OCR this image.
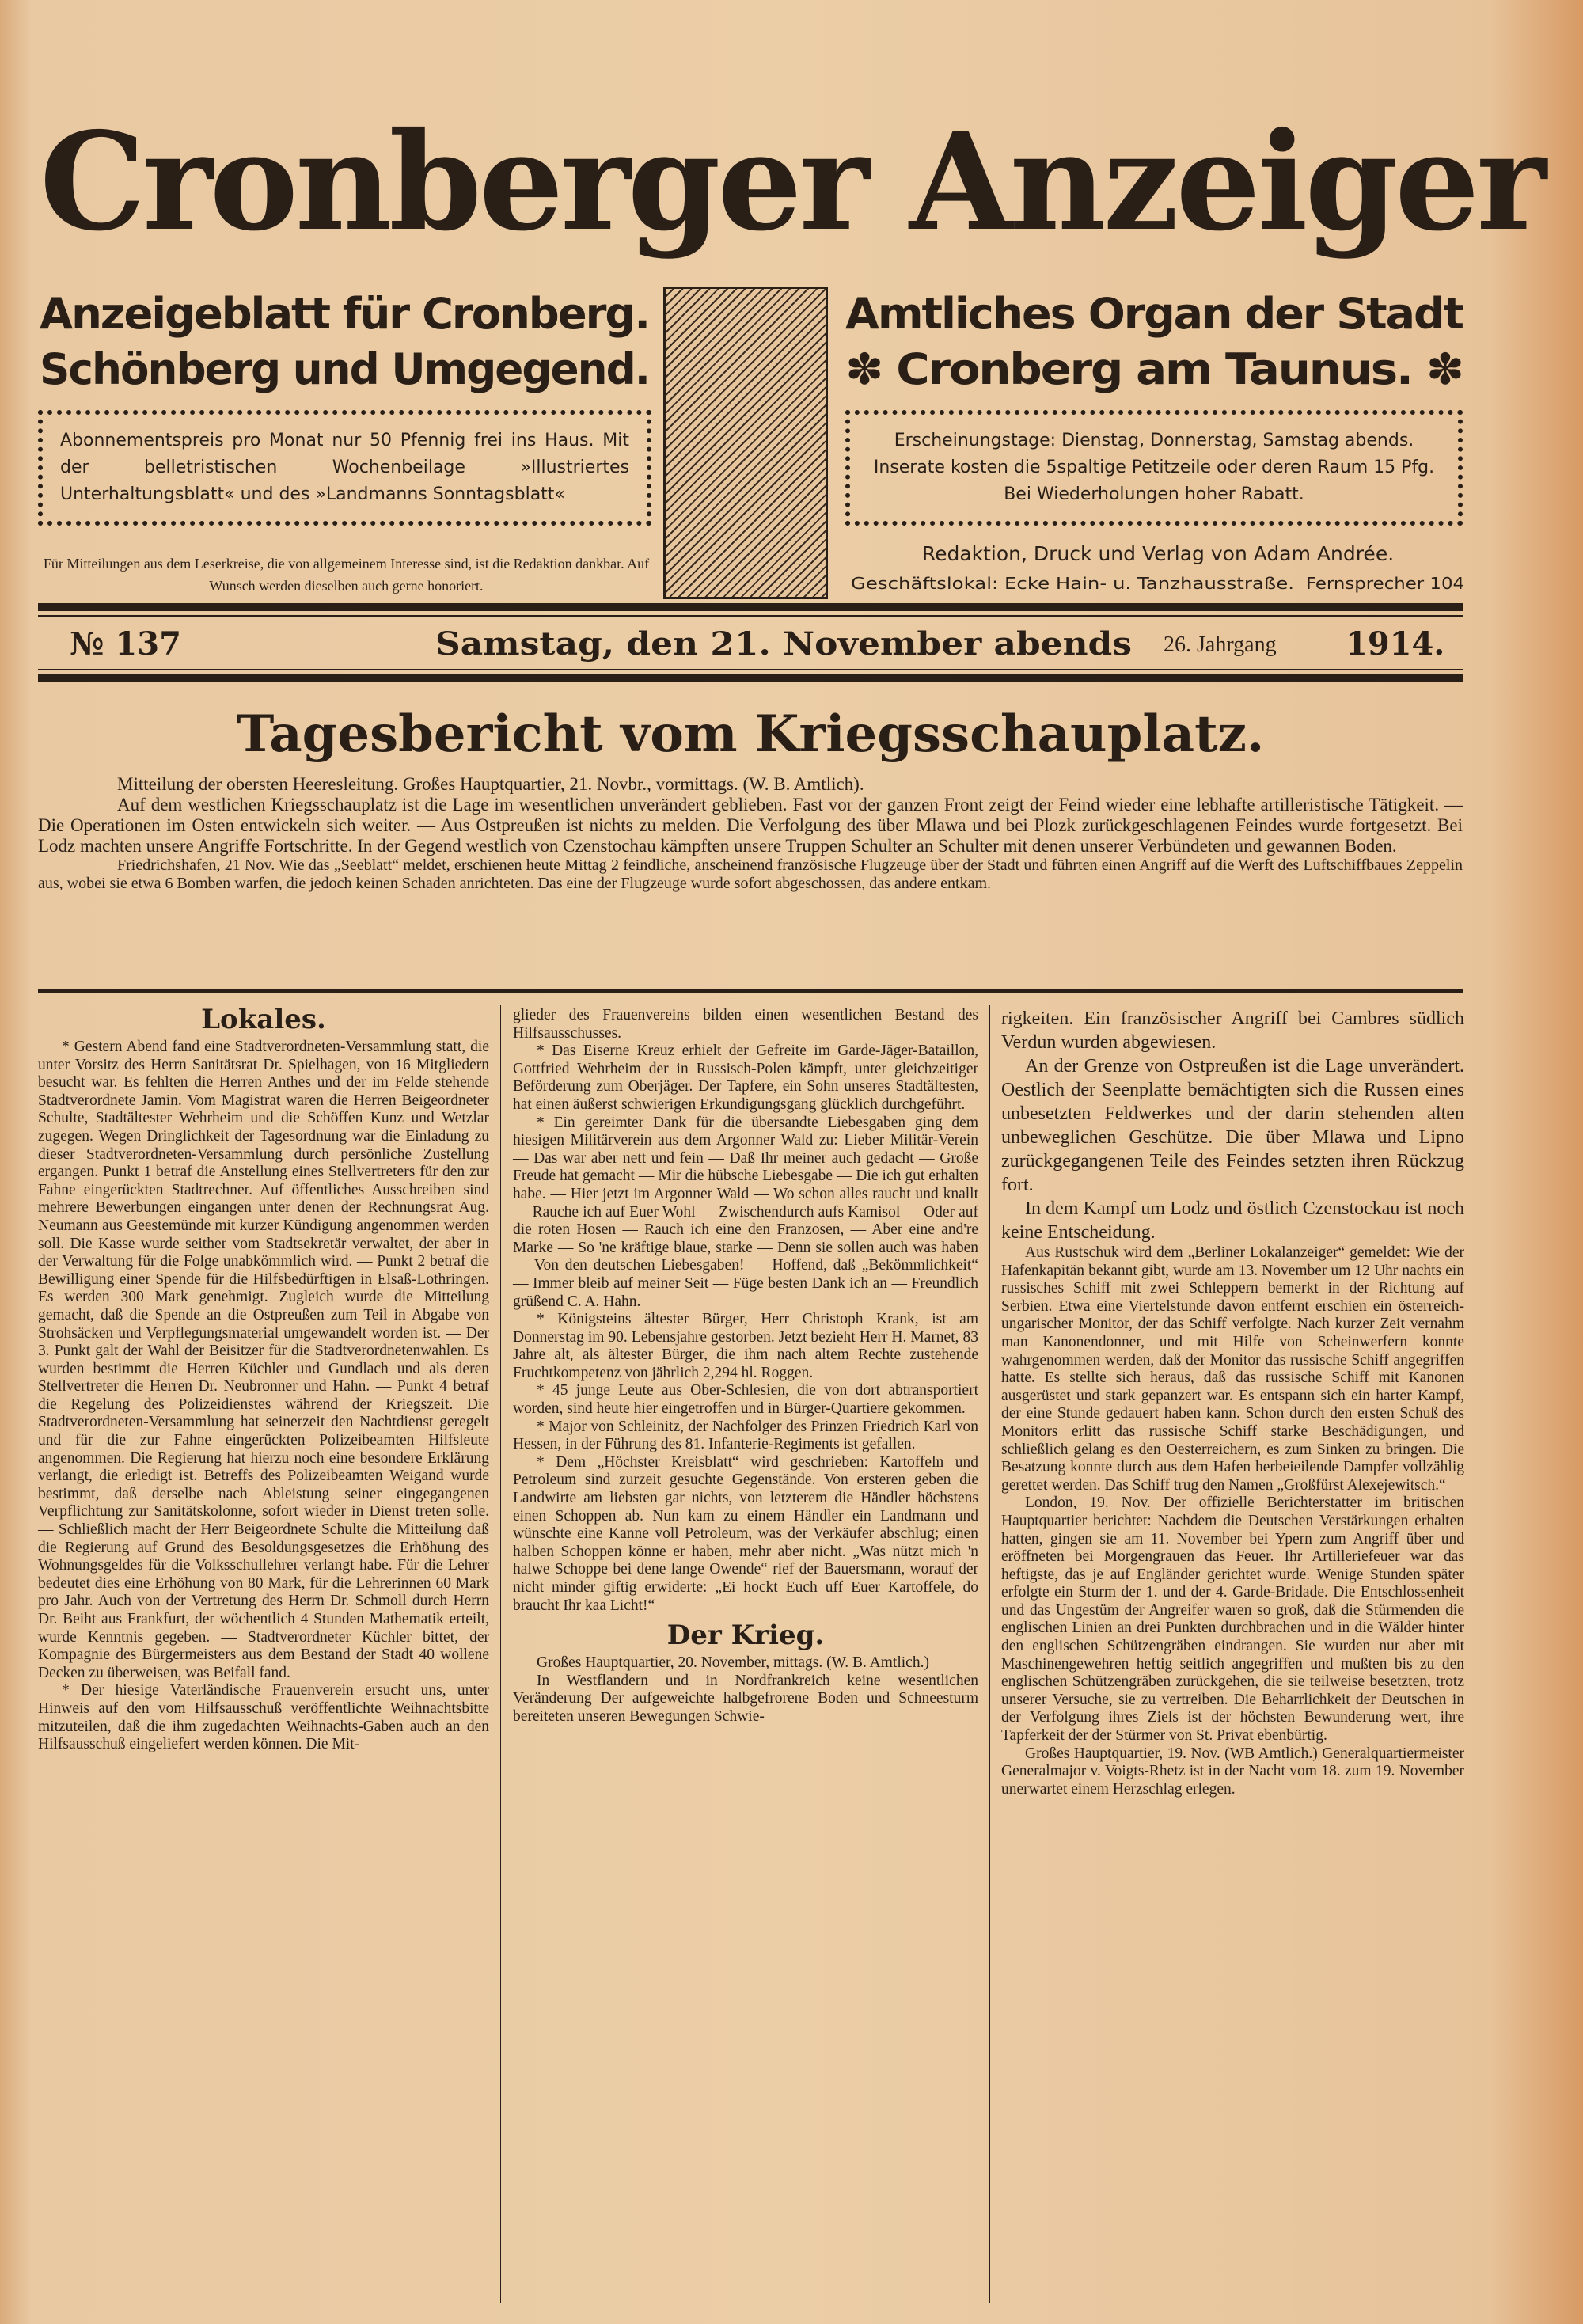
Cronberger Anzeiger
Anzeigeblatt für Cronberg.
Schönberg und Umgegend.
Amtliches Organ der Stadt
✽ Cronberg am Taunus. ✽
Abonnementspreis pro Monat nur 50 Pfennig frei ins Haus. Mit der belletristischen Wochenbeilage »Illustriertes Unterhaltungsblatt« und des »Landmanns Sonntagsblatt«
Erscheinungstage: Dienstag, Donnerstag, Samstag abends. Inserate kosten die 5spaltige Petitzeile oder deren Raum 15 Pfg. Bei Wiederholungen hoher Rabatt.
Für Mitteilungen aus dem Leserkreise, die von allgemeinem Interesse sind, ist die Redaktion dankbar. Auf Wunsch werden dieselben auch gerne honoriert.
Redaktion, Druck und Verlag von Adam Andrée.
Geschäftslokal: Ecke Hain- u. Tanzhausstraße. Fernsprecher 104
№ 137	Samstag, den 21. November abends 26. Jahrgang 1914.
Tagesbericht vom Kriegsschauplatz.

Mitteilung der obersten Heeresleitung. Großes Hauptquartier, 21. Novbr., vormittags. (W. B. Amtlich).

Auf dem westlichen Kriegsschauplatz ist die Lage im wesentlichen unverändert geblieben. Fast vor der ganzen Front zeigt der Feind wieder eine lebhafte artilleristische Tätigkeit. — Die Operationen im Osten entwickeln sich weiter. — Aus Ostpreußen ist nichts zu melden. Die Verfolgung des über Mlawa und bei Plozk zurückgeschlagenen Feindes wurde fortgesetzt. Bei Lodz machten unsere Angriffe Fortschritte. In der Gegend westlich von Czenstochau kämpften unsere Truppen Schulter an Schulter mit denen unserer Verbündeten und gewannen Boden.

Friedrichshafen, 21 Nov. Wie das „Seeblatt“ meldet, erschienen heute Mittag 2 feindliche, anscheinend französische Flugzeuge über der Stadt und führten einen Angriff auf die Werft des Luftschiffbaues Zeppelin aus, wobei sie etwa 6 Bomben warfen, die jedoch keinen Schaden anrichteten. Das eine der Flugzeuge wurde sofort abgeschossen, das andere entkam.

Lokales.

* Gestern Abend fand eine Stadtverordneten-Versammlung statt, die unter Vorsitz des Herrn Sanitätsrat Dr. Spielhagen, von 16 Mitgliedern besucht war. Es fehlten die Herren Anthes und der im Felde stehende Stadtverordnete Jamin. Vom Magistrat waren die Herren Beigeordneter Schulte, Stadtältester Wehrheim und die Schöffen Kunz und Wetzlar zugegen. Wegen Dringlichkeit der Tagesordnung war die Einladung zu dieser Stadtverordneten-Versammlung durch persönliche Zustellung ergangen. Punkt 1 betraf die Anstellung eines Stellvertreters für den zur Fahne eingerückten Stadtrechner. Auf öffentliches Ausschreiben sind mehrere Bewerbungen eingangen unter denen der Rechnungsrat Aug. Neumann aus Geestemünde mit kurzer Kündigung angenommen werden soll. Die Kasse wurde seither vom Stadtsekretär verwaltet, der aber in der Verwaltung für die Folge unabkömmlich wird. — Punkt 2 betraf die Bewilligung einer Spende für die Hilfsbedürftigen in Elsaß-Lothringen. Es werden 300 Mark genehmigt. Zugleich wurde die Mitteilung gemacht, daß die Spende an die Ostpreußen zum Teil in Abgabe von Strohsäcken und Verpflegungsmaterial umgewandelt worden ist. — Der 3. Punkt galt der Wahl der Beisitzer für die Stadtverordnetenwahlen. Es wurden bestimmt die Herren Küchler und Gundlach und als deren Stellvertreter die Herren Dr. Neubronner und Hahn. — Punkt 4 betraf die Regelung des Polizeidienstes während der Kriegszeit. Die Stadtverordneten-Versammlung hat seinerzeit den Nachtdienst geregelt und für die zur Fahne eingerückten Polizeibeamten Hilfsleute angenommen. Die Regierung hat hierzu noch eine besondere Erklärung verlangt, die erledigt ist. Betreffs des Polizeibeamten Weigand wurde bestimmt, daß derselbe nach Ableistung seiner eingegangenen Verpflichtung zur Sanitätskolonne, sofort wieder in Dienst treten solle. — Schließlich macht der Herr Beigeordnete Schulte die Mitteilung daß die Regierung auf Grund des Besoldungsgesetzes die Erhöhung des Wohnungsgeldes für die Volksschullehrer verlangt habe. Für die Lehrer bedeutet dies eine Erhöhung von 80 Mark, für die Lehrerinnen 60 Mark pro Jahr. Auch von der Vertretung des Herrn Dr. Schmoll durch Herrn Dr. Beiht aus Frankfurt, der wöchentlich 4 Stunden Mathematik erteilt, wurde Kenntnis gegeben. — Stadtverordneter Küchler bittet, der Kompagnie des Bürgermeisters aus dem Bestand der Stadt 40 wollene Decken zu überweisen, was Beifall fand.

* Der hiesige Vaterländische Frauenverein ersucht uns, unter Hinweis auf den vom Hilfsausschuß veröffentlichte Weihnachtsbitte mitzuteilen, daß die ihm zugedachten Weihnachts-Gaben auch an den Hilfsausschuß eingeliefert werden können. Die Mit-

glieder des Frauenvereins bilden einen wesentlichen Bestand des Hilfsausschusses.

* Das Eiserne Kreuz erhielt der Gefreite im Garde-Jäger-Bataillon, Gottfried Wehrheim der in Russisch-Polen kämpft, unter gleichzeitiger Beförderung zum Oberjäger. Der Tapfere, ein Sohn unseres Stadtältesten, hat einen äußerst schwierigen Erkundigungsgang glücklich durchgeführt.

* Ein gereimter Dank für die übersandte Liebesgaben ging dem hiesigen Militärverein aus dem Argonner Wald zu: Lieber Militär-Verein — Das war aber nett und fein — Daß Ihr meiner auch gedacht — Große Freude hat gemacht — Mir die hübsche Liebesgabe — Die ich gut erhalten habe. — Hier jetzt im Argonner Wald — Wo schon alles raucht und knallt — Rauche ich auf Euer Wohl — Zwischendurch aufs Kamisol — Oder auf die roten Hosen — Rauch ich eine den Franzosen, — Aber eine and're Marke — So 'ne kräftige blaue, starke — Denn sie sollen auch was haben — Von den deutschen Liebesgaben! — Hoffend, daß „Bekömmlichkeit“ — Immer bleib auf meiner Seit — Füge besten Dank ich an — Freundlich grüßend C. A. Hahn.

* Königsteins ältester Bürger, Herr Christoph Krank, ist am Donnerstag im 90. Lebensjahre gestorben. Jetzt bezieht Herr H. Marnet, 83 Jahre alt, als ältester Bürger, die ihm nach altem Rechte zustehende Fruchtkompetenz von jährlich 2,294 hl. Roggen.

* 45 junge Leute aus Ober-Schlesien, die von dort abtransportiert worden, sind heute hier eingetroffen und in Bürger-Quartiere gekommen.

* Major von Schleinitz, der Nachfolger des Prinzen Friedrich Karl von Hessen, in der Führung des 81. Infanterie-Regiments ist gefallen.

* Dem „Höchster Kreisblatt“ wird geschrieben: Kartoffeln und Petroleum sind zurzeit gesuchte Gegenstände. Von ersteren geben die Landwirte am liebsten gar nichts, von letzterem die Händler höchstens einen Schoppen ab. Nun kam zu einem Händler ein Landmann und wünschte eine Kanne voll Petroleum, was der Verkäufer abschlug; einen halben Schoppen könne er haben, mehr aber nicht. „Was nützt mich 'n halwe Schoppe bei dene lange Owende“ rief der Bauersmann, worauf der nicht minder giftig erwiderte: „Ei hockt Euch uff Euer Kartoffele, do braucht Ihr kaa Licht!“

Der Krieg.

Großes Hauptquartier, 20. November, mittags. (W. B. Amtlich.)

In Westflandern und in Nordfrankreich keine wesentlichen Veränderung Der aufgeweichte halbgefrorene Boden und Schneesturm bereiteten unseren Bewegungen Schwie-

rigkeiten. Ein französischer Angriff bei Cambres südlich Verdun wurden abgewiesen.

An der Grenze von Ostpreußen ist die Lage unverändert. Oestlich der Seenplatte bemächtigten sich die Russen eines unbesetzten Feldwerkes und der darin stehenden alten unbeweglichen Geschütze. Die über Mlawa und Lipno zurückgegangenen Teile des Feindes setzten ihren Rückzug fort.

In dem Kampf um Lodz und östlich Czenstockau ist noch keine Entscheidung.

Aus Rustschuk wird dem „Berliner Lokalanzeiger“ gemeldet: Wie der Hafenkapitän bekannt gibt, wurde am 13. November um 12 Uhr nachts ein russisches Schiff mit zwei Schleppern bemerkt in der Richtung auf Serbien. Etwa eine Viertelstunde davon entfernt erschien ein österreich-ungarischer Monitor, der das Schiff verfolgte. Nach kurzer Zeit vernahm man Kanonendonner, und mit Hilfe von Scheinwerfern konnte wahrgenommen werden, daß der Monitor das russische Schiff angegriffen hatte. Es stellte sich heraus, daß das russische Schiff mit Kanonen ausgerüstet und stark gepanzert war. Es entspann sich ein harter Kampf, der eine Stunde gedauert haben kann. Schon durch den ersten Schuß des Monitors erlitt das russische Schiff starke Beschädigungen, und schließlich gelang es den Oesterreichern, es zum Sinken zu bringen. Die Besatzung konnte durch aus dem Hafen herbeieilende Dampfer vollzählig gerettet werden. Das Schiff trug den Namen „Großfürst Alexejewitsch.“

London, 19. Nov. Der offizielle Berichterstatter im britischen Hauptquartier berichtet: Nachdem die Deutschen Verstärkungen erhalten hatten, gingen sie am 11. November bei Ypern zum Angriff über und eröffneten bei Morgengrauen das Feuer. Ihr Artilleriefeuer war das heftigste, das je auf Engländer gerichtet wurde. Wenige Stunden später erfolgte ein Sturm der 1. und der 4. Garde-Bridade. Die Entschlossenheit und das Ungestüm der Angreifer waren so groß, daß die Stürmenden die englischen Linien an drei Punkten durchbrachen und in die Wälder hinter den englischen Schützengräben eindrangen. Sie wurden nur aber mit Maschinengewehren heftig seitlich angegriffen und mußten bis zu den englischen Schützengräben zurückgehen, die sie teilweise besetzten, trotz unserer Versuche, sie zu vertreiben. Die Beharrlichkeit der Deutschen in der Verfolgung ihres Ziels ist der höchsten Bewunderung wert, ihre Tapferkeit der der Stürmer von St. Privat ebenbürtig.

Großes Hauptquartier, 19. Nov. (WB Amtlich.) Generalquartiermeister Generalmajor v. Voigts-Rhetz ist in der Nacht vom 18. zum 19. November unerwartet einem Herzschlag erlegen.
